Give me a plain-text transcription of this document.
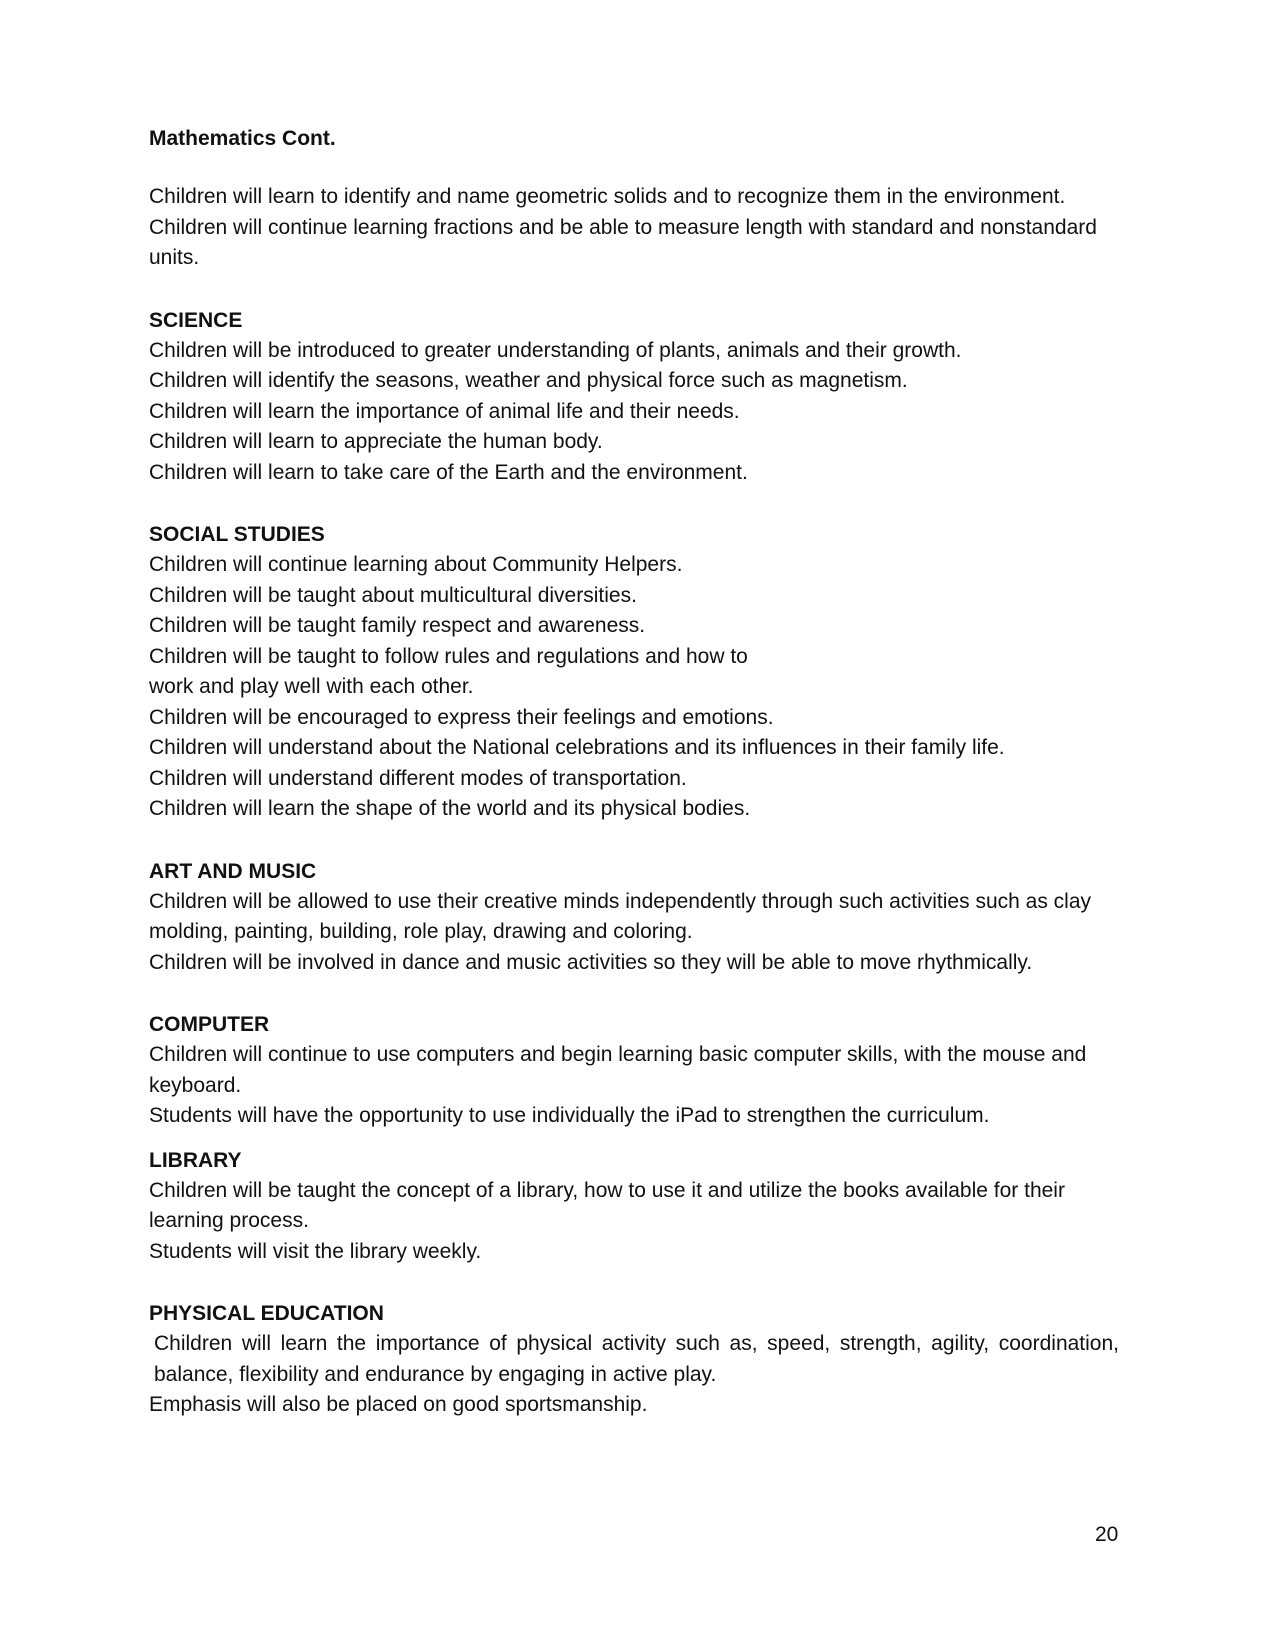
Mathematics Cont.

Children will learn to identify and name geometric solids and to recognize them in the environment.

Children will continue learning fractions and be able to measure length with standard and nonstandard units.

SCIENCE

Children will be introduced to greater understanding of plants, animals and their growth.

Children will identify the seasons, weather and physical force such as magnetism.

Children will learn the importance of animal life and their needs.

Children will learn to appreciate the human body.

Children will learn to take care of the Earth and the environment.

SOCIAL STUDIES

Children will continue learning about Community Helpers.

Children will be taught about multicultural diversities.

Children will be taught family respect and awareness.

Children will be taught to follow rules and regulations and how to

work and play well with each other.

Children will be encouraged to express their feelings and emotions.

Children will understand about the National celebrations and its influences in their family life.

Children will understand different modes of transportation.

Children will learn the shape of the world and its physical bodies.

ART AND MUSIC

Children will be allowed to use their creative minds independently through such activities such as clay molding, painting, building, role play, drawing and coloring.

Children will be involved in dance and music activities so they will be able to move rhythmically.

COMPUTER

Children will continue to use computers and begin learning basic computer skills, with the mouse and keyboard.

Students will have the opportunity to use individually the iPad to strengthen the curriculum.

LIBRARY

Children will be taught the concept of a library, how to use it and utilize the books available for their learning process.

Students will visit the library weekly.

PHYSICAL EDUCATION

Children will learn the importance of physical activity such as, speed, strength, agility, coordination, balance, flexibility and endurance by engaging in active play.

Emphasis will also be placed on good sportsmanship.

20
